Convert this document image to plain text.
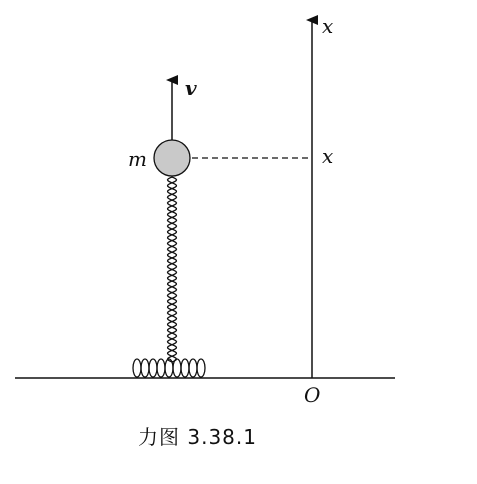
m
v
x
x
O
力图 3.38.1
